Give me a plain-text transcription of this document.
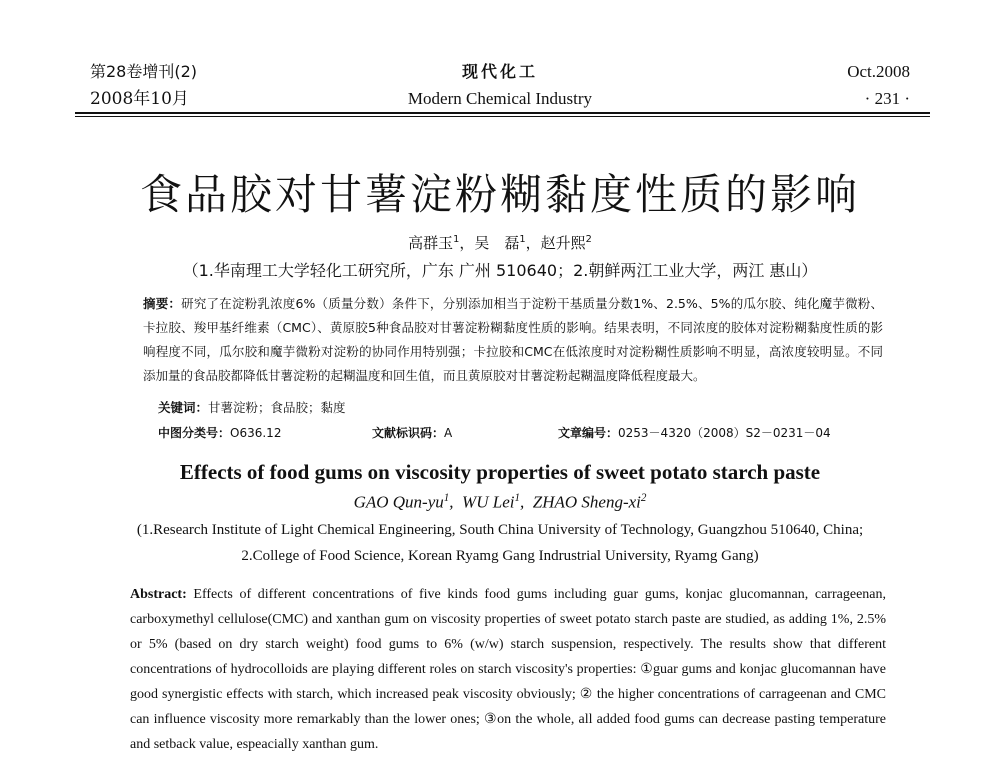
第28卷增刊(2)
2008年10月
现代化工
Modern Chemical Industry
Oct.2008
· 231 ·
食品胶对甘薯淀粉糊黏度性质的影响
高群玉$^1$，吴　磊$^1$，赵升熙$^2$
（1.华南理工大学轻化工研究所，广东 广州 510640；2.朝鲜两江工业大学，两江 惠山）
摘要：研究了在淀粉乳浓度6%（质量分数）条件下，分别添加相当于淀粉干基质量分数1%、2.5%、5%的瓜尔胶、纯化魔芋微粉、卡拉胶、羧甲基纤维素（CMC）、黄原胶5种食品胶对甘薯淀粉糊黏度性质的影响。结果表明，不同浓度的胶体对淀粉糊黏度性质的影响程度不同，瓜尔胶和魔芋微粉对淀粉的协同作用特别强；卡拉胶和CMC在低浓度时对淀粉糊性质影响不明显，高浓度较明显。不同添加量的食品胶都降低甘薯淀粉的起糊温度和回生值，而且黄原胶对甘薯淀粉起糊温度降低程度最大。
关键词：甘薯淀粉；食品胶；黏度
中图分类号：O636.12	文献标识码：A	文章编号：0253－4320（2008）S2－0231－04
Effects of food gums on viscosity properties of sweet potato starch paste
GAO Qun-$yu^1$,  WU Lei$^1$,  ZHAO Sheng-$xi^2$
(1.Research Institute of Light Chemical Engineering, South China University of Technology, Guangzhou 510640, China;
2.College of Food Science, Korean Ryamg Gang Indrustrial University, Ryamg Gang)
Abstract: Effects of different concentrations of five kinds food gums including guar gums, konjac glucomannan, carrageenan, carboxymethyl cellulose(CMC) and xanthan gum on viscosity properties of sweet potato starch paste are studied, as adding 1%, 2.5% or 5% (based on dry starch weight) food gums to 6% (w/w) starch suspension, respectively. The results show that different concentrations of hydrocolloids are playing different roles on starch viscosity's properties: ①guar gums and konjac glucomannan have good synergistic effects with starch, which increased peak viscosity obviously; ② the higher concentrations of carrageenan and CMC can influence viscosity more remarkably than the lower ones; ③on the whole, all added food gums can decrease pasting temperature and setback value, espeacially xanthan gum.
